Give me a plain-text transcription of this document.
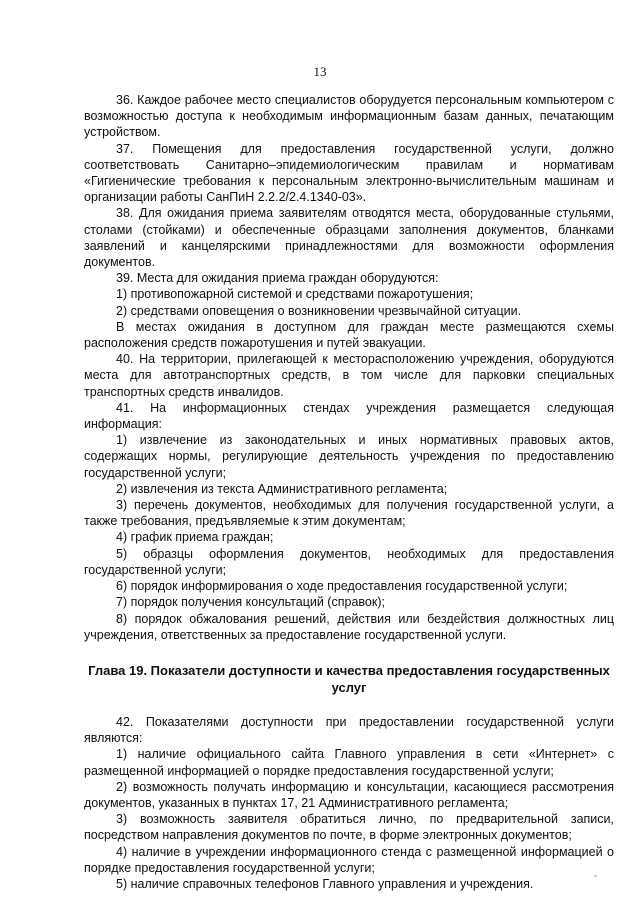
13

36. Каждое рабочее место специалистов оборудуется персональным компьютером с возможностью доступа к необходимым информационным базам данных, печатающим устройством.

37. Помещения для предоставления государственной услуги, должно соответствовать Санитарно–эпидемиологическим правилам и нормативам «Гигиенические требования к персональным электронно-вычислительным машинам и организации работы СанПиН 2.2.2/2.4.1340-03».

38. Для ожидания приема заявителям отводятся места, оборудованные стульями, столами (стойками) и обеспеченные образцами заполнения документов, бланками заявлений и канцелярскими принадлежностями для возможности оформления документов.

39. Места для ожидания приема граждан оборудуются:

1) противопожарной системой и средствами пожаротушения;

2) средствами оповещения о возникновении чрезвычайной ситуации.

В местах ожидания в доступном для граждан месте размещаются схемы расположения средств пожаротушения и путей эвакуации.

40. На территории, прилегающей к месторасположению учреждения, оборудуются места для автотранспортных средств, в том числе для парковки специальных транспортных средств инвалидов.

41. На информационных стендах учреждения размещается следующая информация:

1) извлечение из законодательных и иных нормативных правовых актов, содержащих нормы, регулирующие деятельность учреждения по предоставлению государственной услуги;

2) извлечения из текста Административного регламента;

3) перечень документов, необходимых для получения государственной услуги, а также требования, предъявляемые к этим документам;

4) график приема граждан;

5) образцы оформления документов, необходимых для предоставления государственной услуги;

6) порядок информирования о ходе предоставления государственной услуги;

7) порядок получения консультаций (справок);

8) порядок обжалования решений, действия или бездействия должностных лиц учреждения, ответственных за предоставление государственной услуги.

Глава 19. Показатели доступности и качества предоставления государственных услуг

42. Показателями доступности при предоставлении государственной услуги являются:

1) наличие официального сайта Главного управления в сети «Интернет» с размещенной информацией о порядке предоставления государственной услуги;

2) возможность получать информацию и консультации, касающиеся рассмотрения документов, указанных в пунктах 17, 21 Административного регламента;

3) возможность заявителя обратиться лично, по предварительной записи, посредством направления документов по почте, в форме электронных документов;

4) наличие в учреждении информационного стенда с размещенной информацией о порядке предоставления государственной услуги;

5) наличие справочных телефонов Главного управления и учреждения.
